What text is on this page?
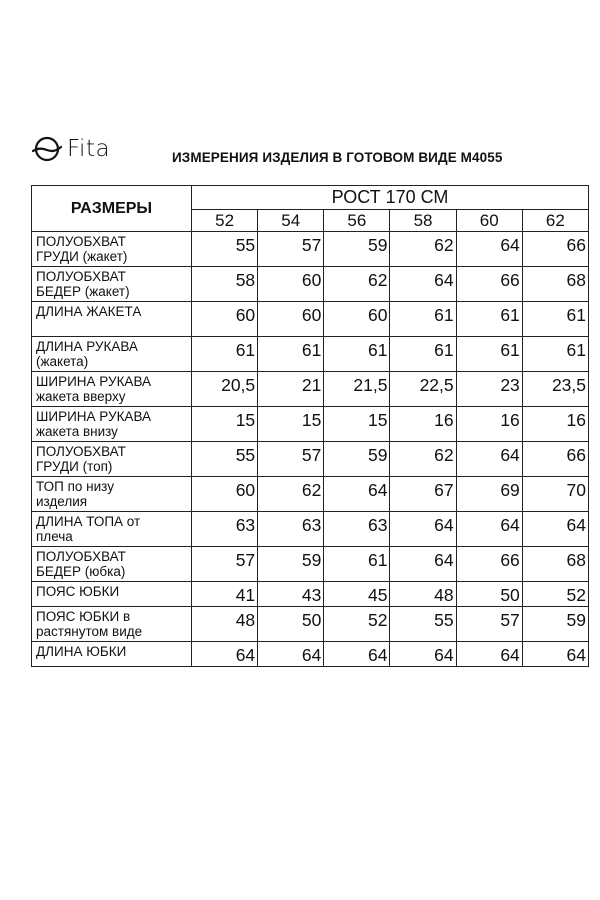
Fita	ИЗМЕРЕНИЯ ИЗДЕЛИЯ В ГОТОВОМ ВИДЕ М4055
РАЗМЕРЫ	РОСТ 170 СМ					
	52	54	56	58	60	62

ПОЛУОБХВАТ
ГРУДИ (жакет)	55	57	59	62	64	66

ПОЛУОБХВАТ
БЕДЕР (жакет)	58	60	62	64	66	68

ДЛИНА ЖАКЕТА	60	60	60	61	61	61

ДЛИНА РУКАВА
(жакета)	61	61	61	61	61	61

ШИРИНА РУКАВА
жакета вверху	20,5	21	21,5	22,5	23	23,5

ШИРИНА РУКАВА
жакета внизу	15	15	15	16	16	16

ПОЛУОБХВАТ
ГРУДИ (топ)	55	57	59	62	64	66

ТОП по низу
изделия	60	62	64	67	69	70

ДЛИНА ТОПА от
плеча	63	63	63	64	64	64

ПОЛУОБХВАТ
БЕДЕР (юбка)	57	59	61	64	66	68

ПОЯС ЮБКИ	41	43	45	48	50	52

ПОЯС ЮБКИ в
растянутом виде	48	50	52	55	57	59

ДЛИНА ЮБКИ	64	64	64	64	64	64
